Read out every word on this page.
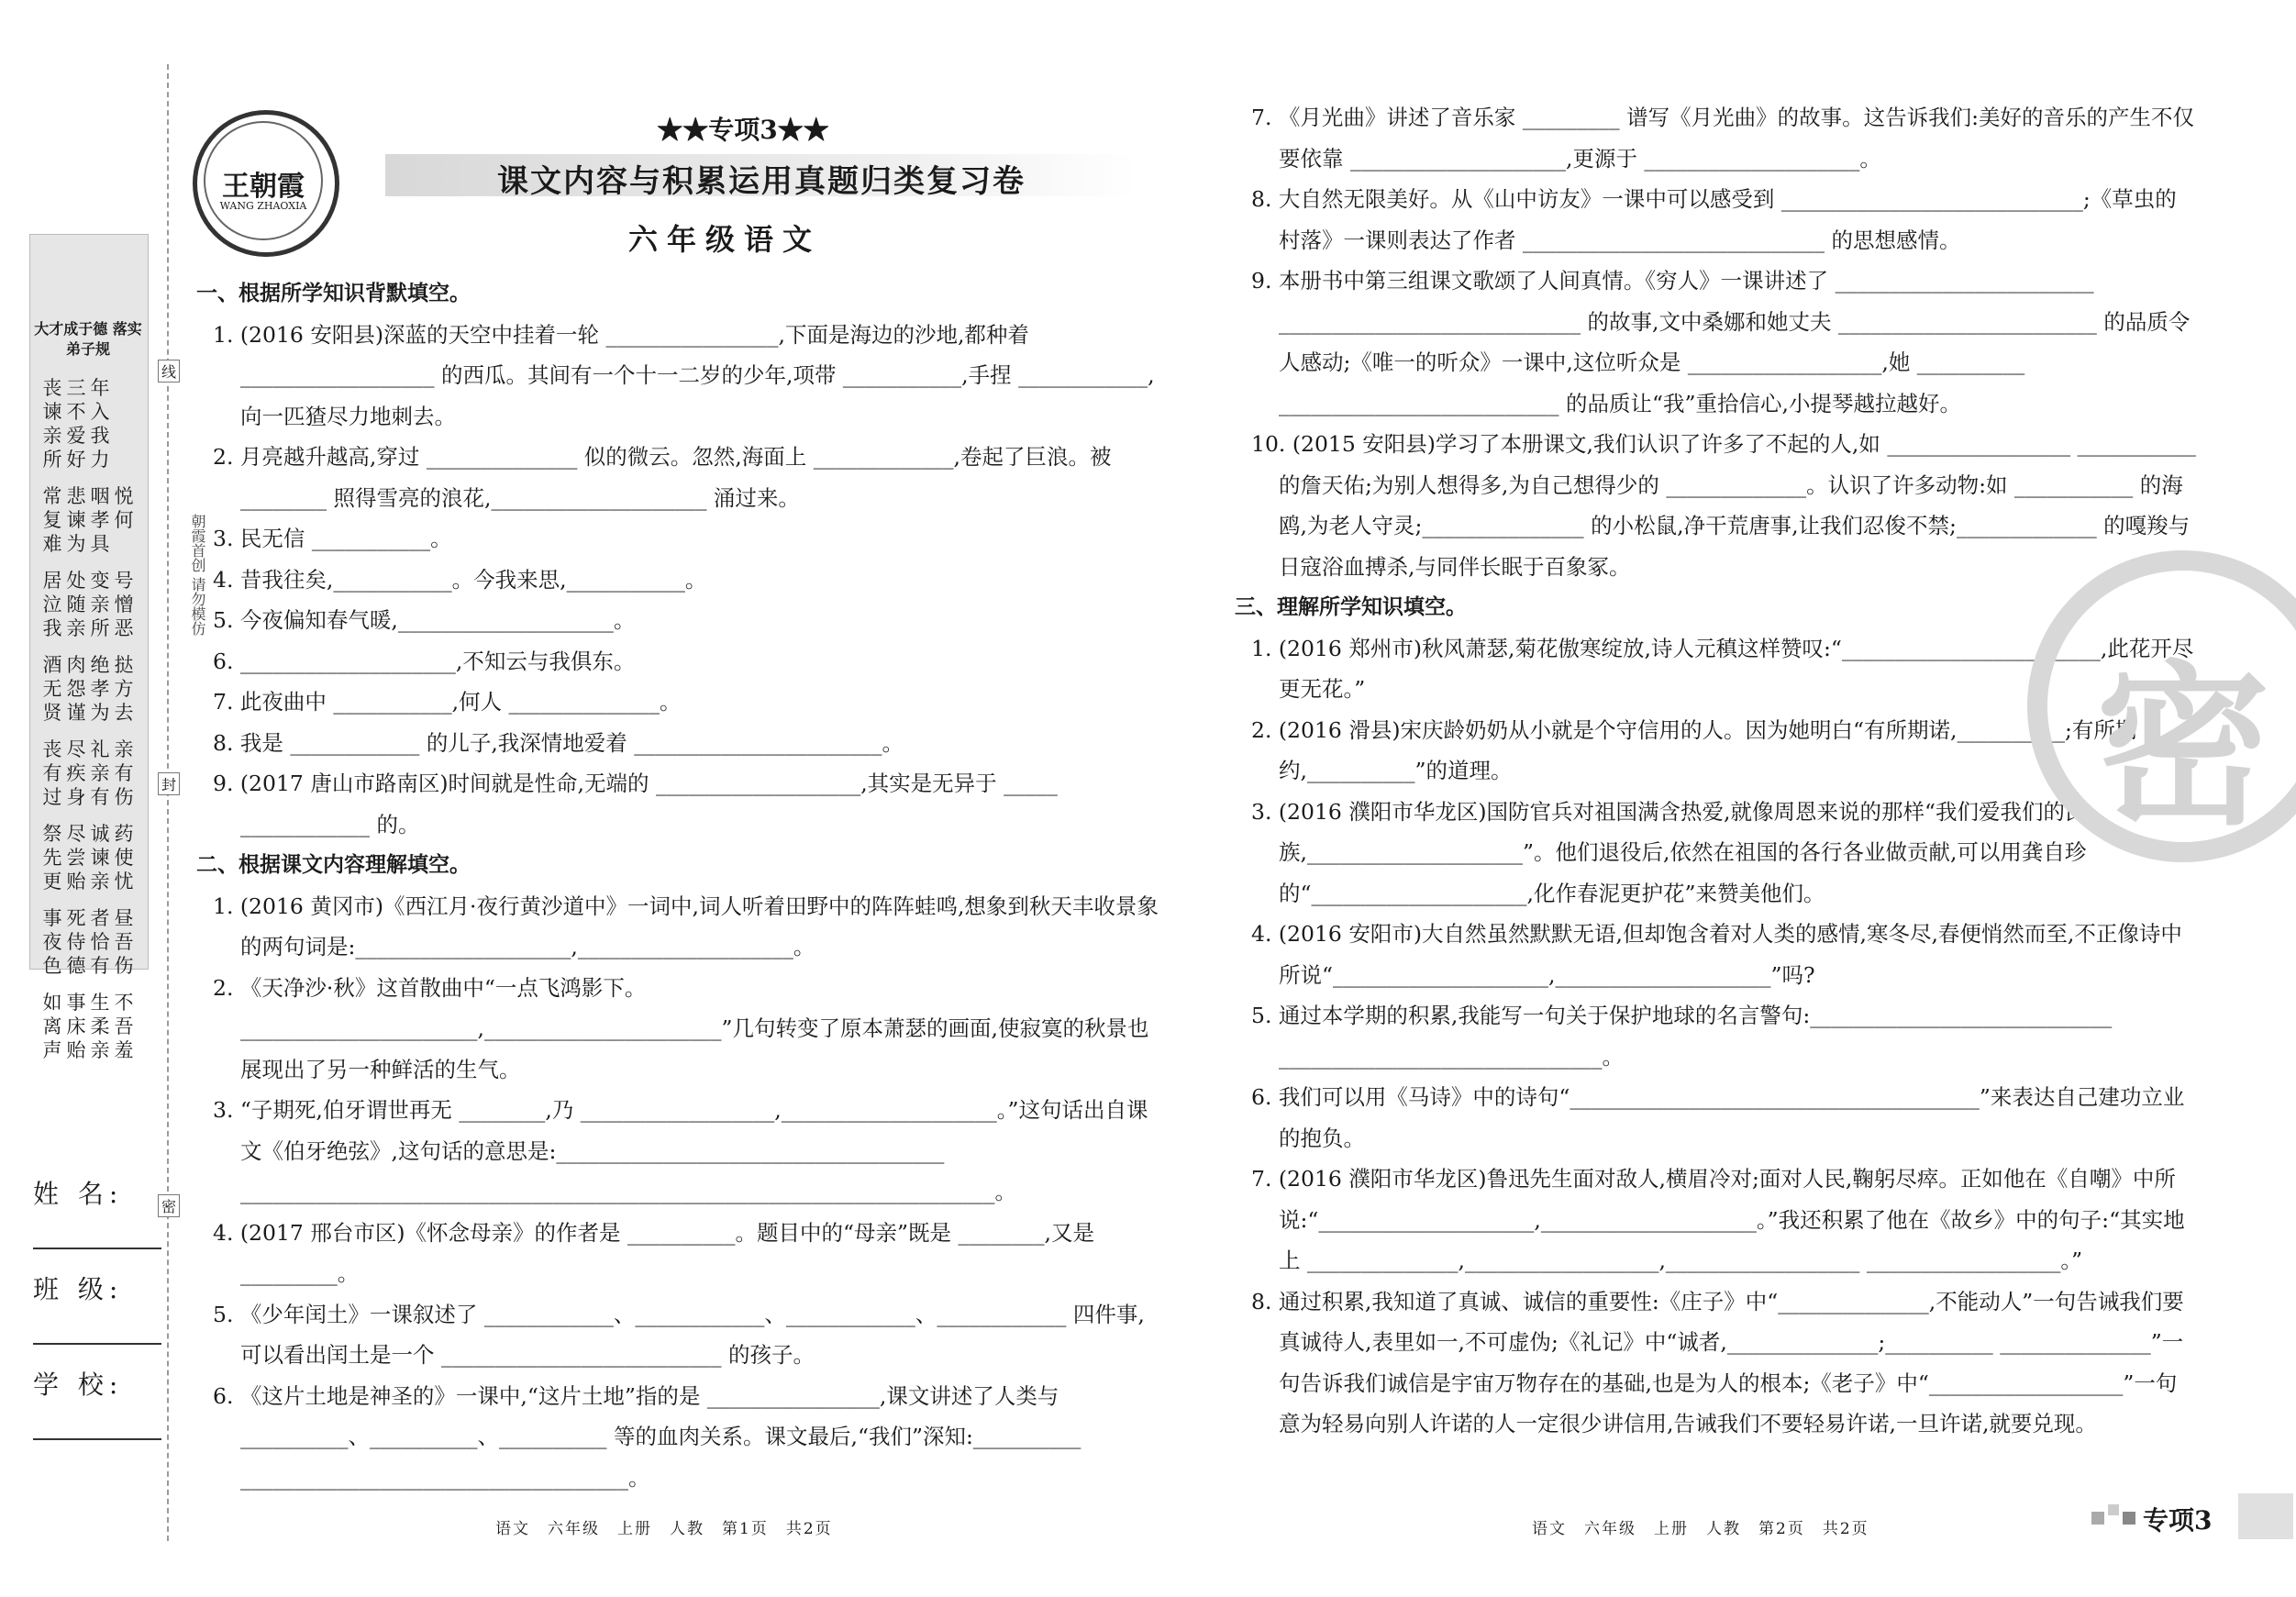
大才成于德 落实弟子规
丧 三 年
谏 不 入
亲 爱 我
所 好 力
常 悲 咽 悦
复 谏 孝 何
难 为 具
居 处 变 号
泣 随 亲 憎
我 亲 所 恶
酒 肉 绝 挞
无 怨 孝 方
贤 谨 为 去
丧 尽 礼 亲
有 疾 亲 有
过 身 有 伤
祭 尽 诚 药
先 尝 谏 使
更 贻 亲 忧
事 死 者 昼
夜 侍 恰 吾
色 德 有 伤
如 事 生 不
离 床 柔 吾
声 贻 亲 羞
线
封
密
朝霞首创 请勿模仿
姓 名:
班 级:
学 校:
王朝霞
WANG ZHAOXIA
★★专项3★★
课文内容与积累运用真题归类复习卷
六年级语文
一、根据所学知识背默填空。
1. (2016 安阳县)深蓝的天空中挂着一轮 ________________,下面是海边的沙地,都种着 __________________ 的西瓜。其间有一个十一二岁的少年,项带 ___________,手捏 ____________,向一匹猹尽力地刺去。
2. 月亮越升越高,穿过 ______________ 似的微云。忽然,海面上 _____________,卷起了巨浪。被 ________ 照得雪亮的浪花,____________________ 涌过来。
3. 民无信 ___________。
4. 昔我往矣,___________。今我来思,___________。
5. 今夜偏知春气暖,____________________。
6. ____________________,不知云与我俱东。
7. 此夜曲中 ___________,何人 ______________。
8. 我是 ____________ 的儿子,我深情地爱着 _______________________。
9. (2017 唐山市路南区)时间就是性命,无端的 ___________________,其实是无异于 _____ ____________ 的。
二、根据课文内容理解填空。
1. (2016 黄冈市)《西江月·夜行黄沙道中》一词中,词人听着田野中的阵阵蛙鸣,想象到秋天丰收景象的两句词是:____________________,____________________。
2. 《天净沙·秋》这首散曲中“一点飞鸿影下。______________________,______________________”几句转变了原本萧瑟的画面,使寂寞的秋景也展现出了另一种鲜活的生气。
3. “子期死,伯牙谓世再无 ________,乃 __________________,____________________。”这句话出自课文《伯牙绝弦》,这句话的意思是:____________________________________ ______________________________________________________________________。
4. (2017 邢台市区)《怀念母亲》的作者是 __________。题目中的“母亲”既是 ________,又是 _________。
5. 《少年闰土》一课叙述了 ____________、____________、____________、____________ 四件事,可以看出闰土是一个 __________________________ 的孩子。
6. 《这片土地是神圣的》一课中,“这片土地”指的是 ________________,课文讲述了人类与 __________、__________、__________ 等的血肉关系。课文最后,“我们”深知:__________ ____________________________________。
7. 《月光曲》讲述了音乐家 _________ 谱写《月光曲》的故事。这告诉我们:美好的音乐的产生不仅要依靠 ____________________,更源于 ____________________。
8. 大自然无限美好。从《山中访友》一课中可以感受到 ____________________________;《草虫的村落》一课则表达了作者 ____________________________ 的思想感情。
9. 本册书中第三组课文歌颂了人间真情。《穷人》一课讲述了 ________________________ ____________________________ 的故事,文中桑娜和她丈夫 ________________________ 的品质令人感动;《唯一的听众》一课中,这位听众是 __________________,她 __________ __________________________ 的品质让“我”重拾信心,小提琴越拉越好。
10. (2015 安阳县)学习了本册课文,我们认识了许多了不起的人,如 _________________ ___________ 的詹天佑;为别人想得多,为自己想得少的 _____________。认识了许多动物:如 ___________ 的海鸥,为老人守灵;_______________ 的小松鼠,净干荒唐事,让我们忍俊不禁;_____________ 的嘎羧与日寇浴血搏杀,与同伴长眠于百象冢。
三、理解所学知识填空。
1. (2016 郑州市)秋风萧瑟,菊花傲寒绽放,诗人元稹这样赞叹:“________________________,此花开尽更无花。”
2. (2016 滑县)宋庆龄奶奶从小就是个守信用的人。因为她明白“有所期诺,__________;有所期约,__________”的道理。
3. (2016 濮阳市华龙区)国防官兵对祖国满含热爱,就像周恩来说的那样“我们爱我们的民族,____________________”。他们退役后,依然在祖国的各行各业做贡献,可以用龚自珍的“____________________,化作春泥更护花”来赞美他们。
4. (2016 安阳市)大自然虽然默默无语,但却饱含着对人类的感情,寒冬尽,春便悄然而至,不正像诗中所说“____________________,____________________”吗?
5. 通过本学期的积累,我能写一句关于保护地球的名言警句:____________________________ ______________________________。
6. 我们可以用《马诗》中的诗句“______________________________________”来表达自己建功立业的抱负。
7. (2016 濮阳市华龙区)鲁迅先生面对敌人,横眉冷对;面对人民,鞠躬尽瘁。正如他在《自嘲》中所说:“____________________,____________________。”我还积累了他在《故乡》中的句子:“其实地上 ______________,__________________,__________________ __________________。”
8. 通过积累,我知道了真诚、诚信的重要性:《庄子》中“______________,不能动人”一句告诫我们要真诚待人,表里如一,不可虚伪;《礼记》中“诚者,______________;__________ ______________”一句告诉我们诚信是宇宙万物存在的基础,也是为人的根本;《老子》中“__________________”一句意为轻易向别人许诺的人一定很少讲信用,告诫我们不要轻易许诺,一旦许诺,就要兑现。
密
语文　六年级　上册　人教　第1页　共2页	语文　六年级　上册　人教　第2页　共2页	专项3
